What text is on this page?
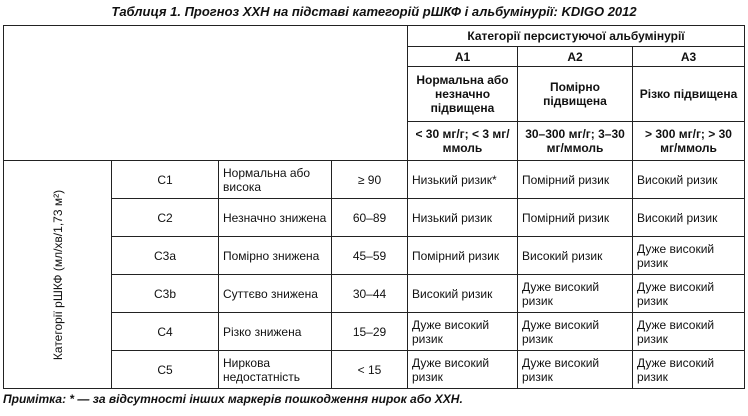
Таблиця 1. Прогноз ХХН на підставі категорій рШКФ і альбумінурії: KDIGO 2012
				Категорії персистуючої альбумінурії		
				A1	A2	A3
				Нормальна або незначно підвищена	Помірно підвищена	Різко підвищена
				< 30 мг/г; < 3 мг/ммоль	30–300 мг/г; 3–30 мг/ммоль	> 300 мг/г; > 30 мг/ммоль

Категорії рШКФ (мл/хв/1,73 м²)	C1	Нормальна або висока	≥ 90	Низький ризик*	Помірний ризик	Високий ризик
	C2	Незначно знижена	60–89	Низький ризик	Помірний ризик	Високий ризик
	C3a	Помірно знижена	45–59	Помірний ризик	Високий ризик	Дуже високий ризик
	C3b	Суттєво знижена	30–44	Високий ризик	Дуже високий ризик	Дуже високий ризик
	C4	Різко знижена	15–29	Дуже високий ризик	Дуже високий ризик	Дуже високий ризик
	C5	Ниркова недостатність	< 15	Дуже високий ризик	Дуже високий ризик	Дуже високий ризик
Примітка: * — за відсутності інших маркерів пошкодження нирок або ХХН.
